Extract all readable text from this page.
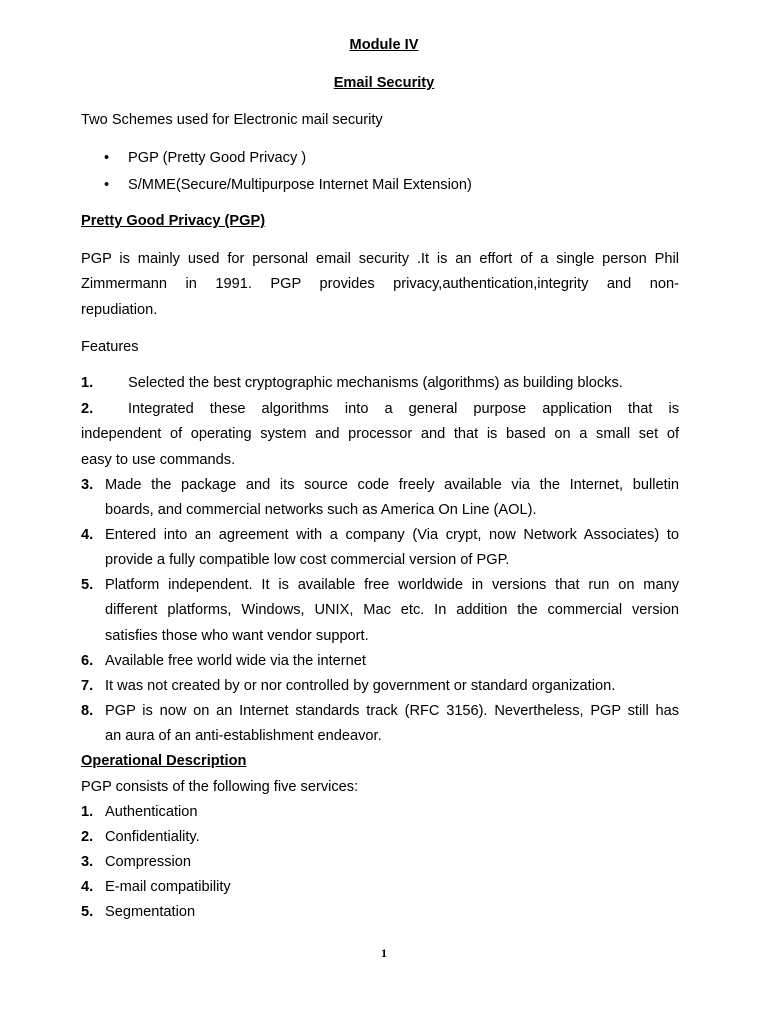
Module IV
Email Security
Two Schemes used for Electronic mail security
• PGP (Pretty Good Privacy )
• S/MME(Secure/Multipurpose Internet Mail Extension)
Pretty Good Privacy (PGP)
PGP is mainly used for personal email security .It is an effort of a single person Phil
Zimmermann in 1991. PGP provides privacy,authentication,integrity and non-
repudiation.
Features
1. Selected the best cryptographic mechanisms (algorithms) as building blocks.
2. Integrated these algorithms into a general purpose application that is
independent of operating system and processor and that is based on a small set of
easy to use commands.
3. Made the package and its source code freely available via the Internet, bulletin
boards, and commercial networks such as America On Line (AOL).
4. Entered into an agreement with a company (Via crypt, now Network Associates) to
provide a fully compatible low cost commercial version of PGP.
5. Platform independent. It is available free worldwide in versions that run on many
different platforms, Windows, UNIX, Mac etc. In addition the commercial version
satisfies those who want vendor support.
6. Available free world wide via the internet
7. It was not created by or nor controlled by government or standard organization.
8. PGP is now on an Internet standards track (RFC 3156). Nevertheless, PGP still has
an aura of an anti-establishment endeavor.
Operational Description
PGP consists of the following five services:
1. Authentication
2. Confidentiality.
3. Compression
4. E-mail compatibility
5. Segmentation
1
